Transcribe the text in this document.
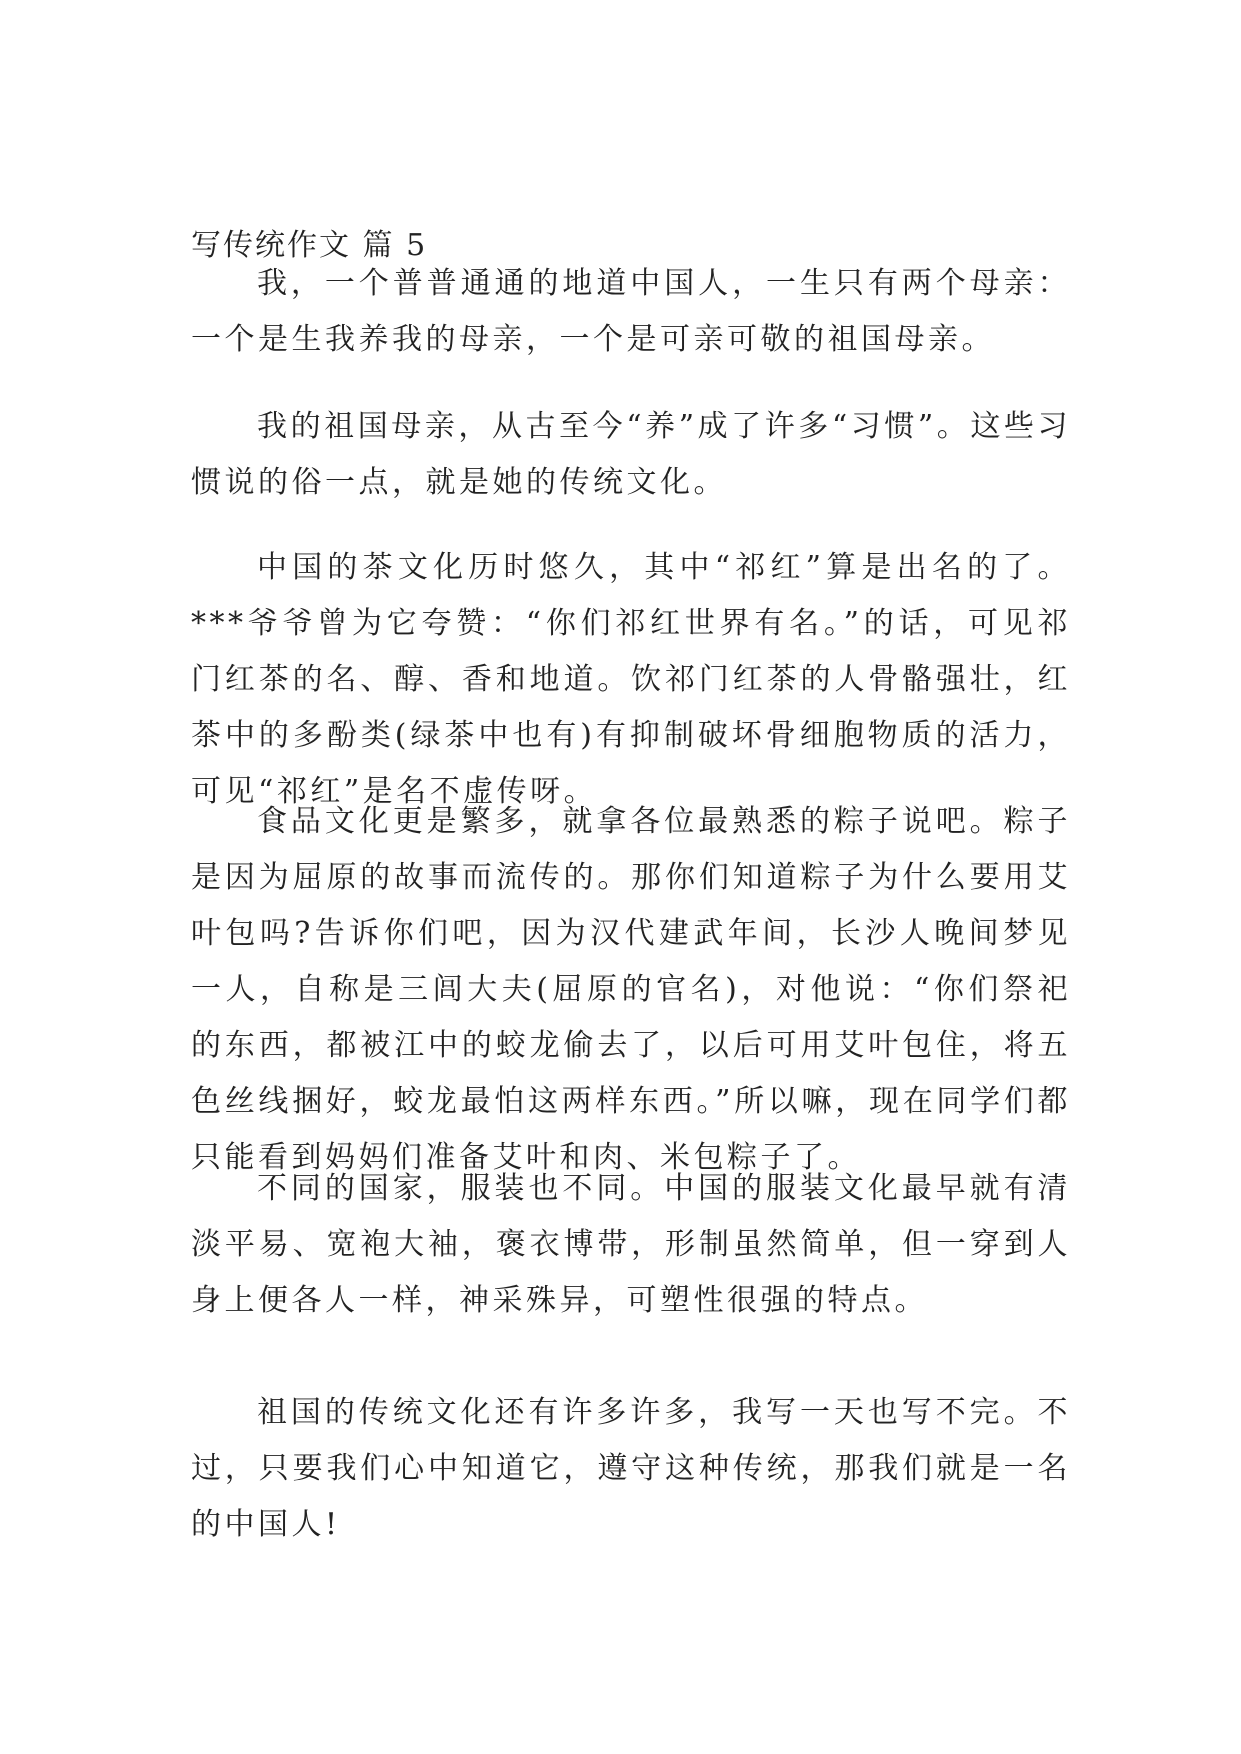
写传统作文 篇 5

我，一个普普通通的地道中国人，一生只有两个母亲：一个是生我养我的母亲，一个是可亲可敬的祖国母亲。

我的祖国母亲，从古至今“养”成了许多“习惯”。这些习惯说的俗一点，就是她的传统文化。

中国的茶文化历时悠久，其中“祁红”算是出名的了。***爷爷曾为它夸赞：“你们祁红世界有名。”的话，可见祁门红茶的名、醇、香和地道。饮祁门红茶的人骨骼强壮，红茶中的多酚类(绿茶中也有)有抑制破坏骨细胞物质的活力，可见“祁红”是名不虚传呀。

食品文化更是繁多，就拿各位最熟悉的粽子说吧。粽子是因为屈原的故事而流传的。那你们知道粽子为什么要用艾叶包吗?告诉你们吧，因为汉代建武年间，长沙人晚间梦见一人，自称是三闾大夫(屈原的官名)，对他说：“你们祭祀的东西，都被江中的蛟龙偷去了，以后可用艾叶包住，将五色丝线捆好，蛟龙最怕这两样东西。”所以嘛，现在同学们都只能看到妈妈们准备艾叶和肉、米包粽子了。

不同的国家，服装也不同。中国的服装文化最早就有清淡平易、宽袍大袖，褒衣博带，形制虽然简单，但一穿到人身上便各人一样，神采殊异，可塑性很强的特点。

祖国的传统文化还有许多许多，我写一天也写不完。不过，只要我们心中知道它，遵守这种传统，那我们就是一名的中国人!
